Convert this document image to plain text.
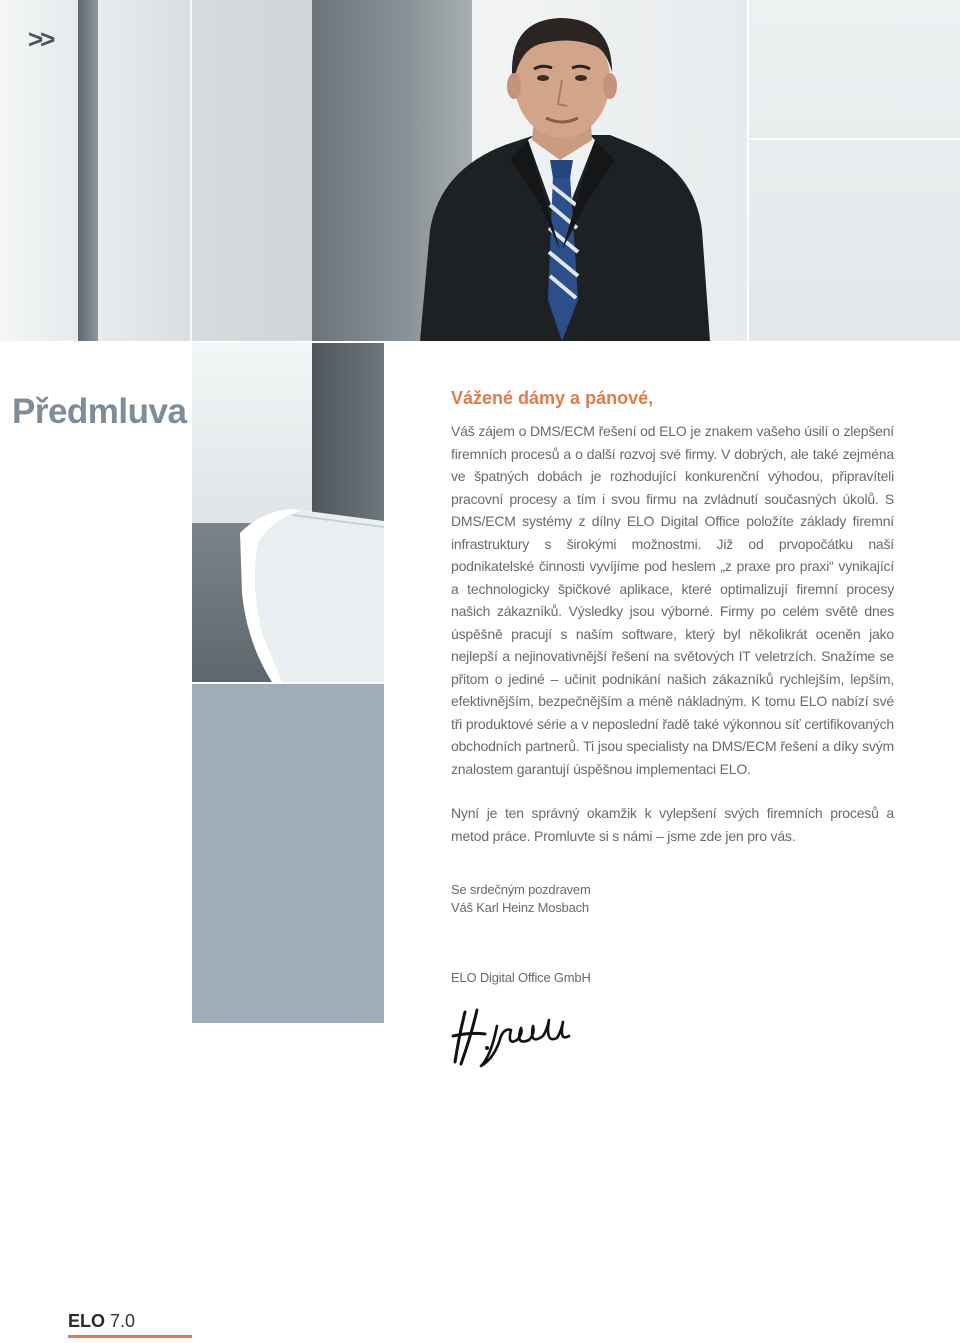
>>
Předmluva	Vážené dámy a pánové,

Váš zájem o DMS/ECM řešení od ELO je znakem vašeho úsilí o zlepšení firemních procesů a o další rozvoj své firmy. V dobrých, ale také zejména ve špatných dobách je rozhodující konkurenční výhodou, připravíteli pracovní procesy a tím i svou firmu na zvládnutí současných úkolů. S DMS/ECM systémy z dílny ELO Digital Office položíte základy firemní infrastruktury s širokými možnostmi. Již od prvopočátku naší podnikatelské činnosti vyvíjíme pod heslem „z praxe pro praxi“ vynikající a technologicky špičkové aplikace, které optimalizují firemní procesy našich zákazníků. Výsledky jsou výborné. Firmy po celém světě dnes úspěšně pracují s naším software, který byl několikrát oceněn jako nejlepší a nejinovativnější řešení na světových IT veletrzích. Snažíme se přitom o jediné – učinit podnikání našich zákazníků rychlejším, lepším, efektivnějším, bezpečnějším a méně nákladným. K tomu ELO nabízí své tři produktové série a v neposlední řadě také výkonnou síť certifikovaných obchodních partnerů. Ti jsou specialisty na DMS/ECM řešení a díky svým znalostem garantují úspěšnou implementaci ELO.

Nyní je ten správný okamžik k vylepšení svých firemních procesů a metod práce. Promluvte si s námi – jsme zde jen pro vás.

Se srdečným pozdravem
Váš Karl Heinz Mosbach
ELO Digital Office GmbH
ELO 7.0
